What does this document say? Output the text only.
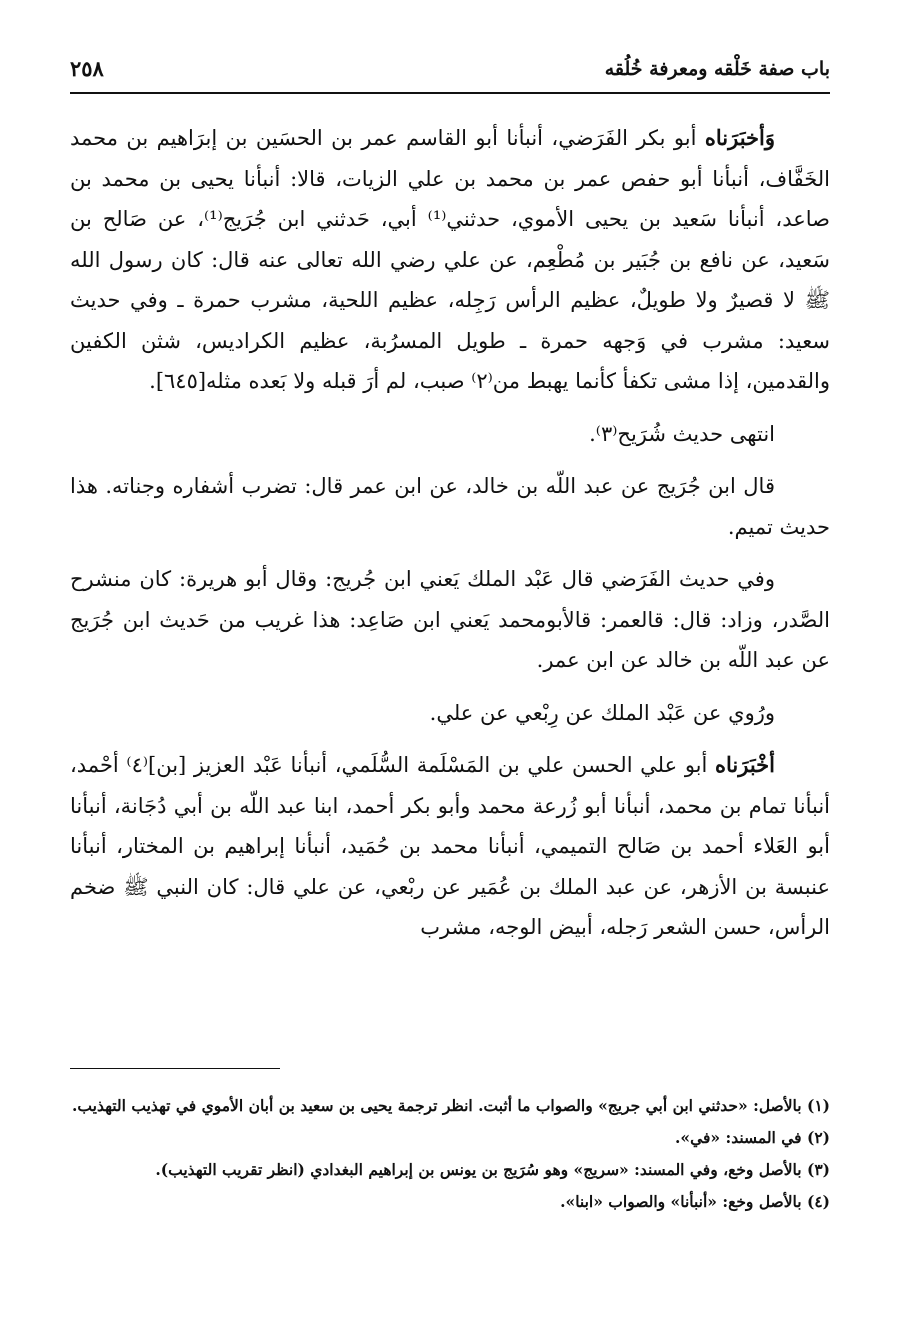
باب صفة خَلْقه ومعرفة خُلُقه
٢٥٨

وَأخبَرَناه أبو بكر الفَرَضي، أنبأنا أبو القاسم عمر بن الحسَين بن إبرَاهيم بن محمد الخَفَّاف، أنبأنا أبو حفص عمر بن محمد بن علي الزيات، قالا: أنبأنا يحيى بن محمد بن صاعد، أنبأنا سَعيد بن يحيى الأموي، حدثني⁽¹⁾ أبي، حَدثني ابن جُرَيج⁽¹⁾، عن صَالح بن سَعيد، عن نافع بن جُبَير بن مُطْعِم، عن علي رضي الله تعالى عنه قال: كان رسول الله ﷺ لا قصيرٌ ولا طويلٌ، عظيم الرأس رَجِله، عظيم اللحية، مشرب حمرة ـ وفي حديث سعيد: مشرب في وَجهه حمرة ـ طويل المسرُبة، عظيم الكراديس، شثن الكفين والقدمين، إذا مشى تكفأ كأنما يهبط من⁽٢⁾ صبب، لم أرَ قبله ولا بَعده مثله[٦٤٥].

انتهى حديث شُرَيح⁽٣⁾.

قال ابن جُرَيج عن عبد اللّه بن خالد، عن ابن عمر قال: تضرب أشفاره وجناته. هذا حديث تميم.

وفي حديث الفَرَضي قال عَبْد الملك يَعني ابن جُريج: وقال أبو هريرة: كان منشرح الصَّدر، وزاد: قال: قالعمر: قالأبومحمد يَعني ابن صَاعِد: هذا غريب من حَديث ابن جُرَيج عن عبد اللّه بن خالد عن ابن عمر.

ورُوي عن عَبْد الملك عن رِبْعي عن علي.

أخْبَرَناه أبو علي الحسن علي بن المَسْلَمة السُّلَمي، أنبأنا عَبْد العزيز [بن]⁽٤⁾ أحْمد، أنبأنا تمام بن محمد، أنبأنا أبو زُرعة محمد وأبو بكر أحمد، ابنا عبد اللّه بن أبي دُجَانة، أنبأنا أبو العَلاء أحمد بن صَالح التميمي، أنبأنا محمد بن حُمَيد، أنبأنا إبراهيم بن المختار، أنبأنا عنبسة بن الأزهر، عن عبد الملك بن عُمَير عن ربْعي، عن علي قال: كان النبي ﷺ ضخم الرأس، حسن الشعر رَجله، أبيض الوجه، مشرب

(١) بالأصل: «حدثني ابن أبي جريج» والصواب ما أثبت. انظر ترجمة يحيى بن سعيد بن أبان الأموي في تهذيب التهذيب.

(٢) في المسند: «في».

(٣) بالأصل وخع، وفي المسند: «سريج» وهو سُرَيج بن يونس بن إبراهيم البغدادي (انظر تقريب التهذيب).

(٤) بالأصل وخع: «أنبأنا» والصواب «ابنا».
